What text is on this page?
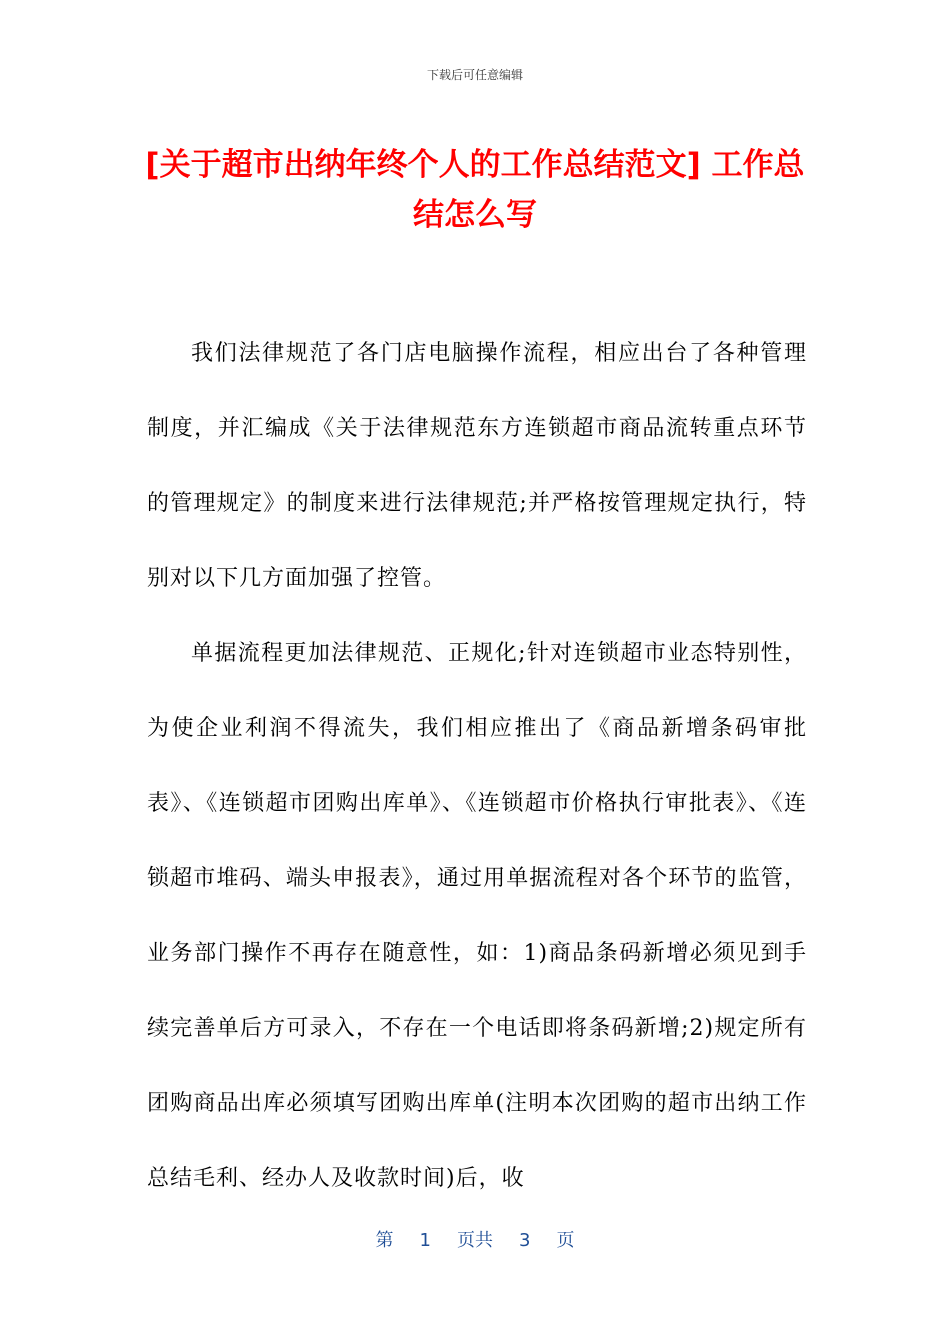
下载后可任意编辑
[关于超市出纳年终个人的工作总结范文] 工作总结怎么写

我们法律规范了各门店电脑操作流程，相应出台了各种管理制度，并汇编成《关于法律规范东方连锁超市商品流转重点环节的管理规定》的制度来进行法律规范;并严格按管理规定执行，特别对以下几方面加强了控管。

单据流程更加法律规范、正规化;针对连锁超市业态特别性，为使企业利润不得流失，我们相应推出了《商品新增条码审批表》、《连锁超市团购出库单》、《连锁超市价格执行审批表》、《连锁超市堆码、端头申报表》，通过用单据流程对各个环节的监管，业务部门操作不再存在随意性，如：1)商品条码新增必须见到手续完善单后方可录入，不存在一个电话即将条码新增;2)规定所有团购商品出库必须填写团购出库单(注明本次团购的超市出纳工作总结毛利、经办人及收款时间)后，收

第 1 页共 3 页
